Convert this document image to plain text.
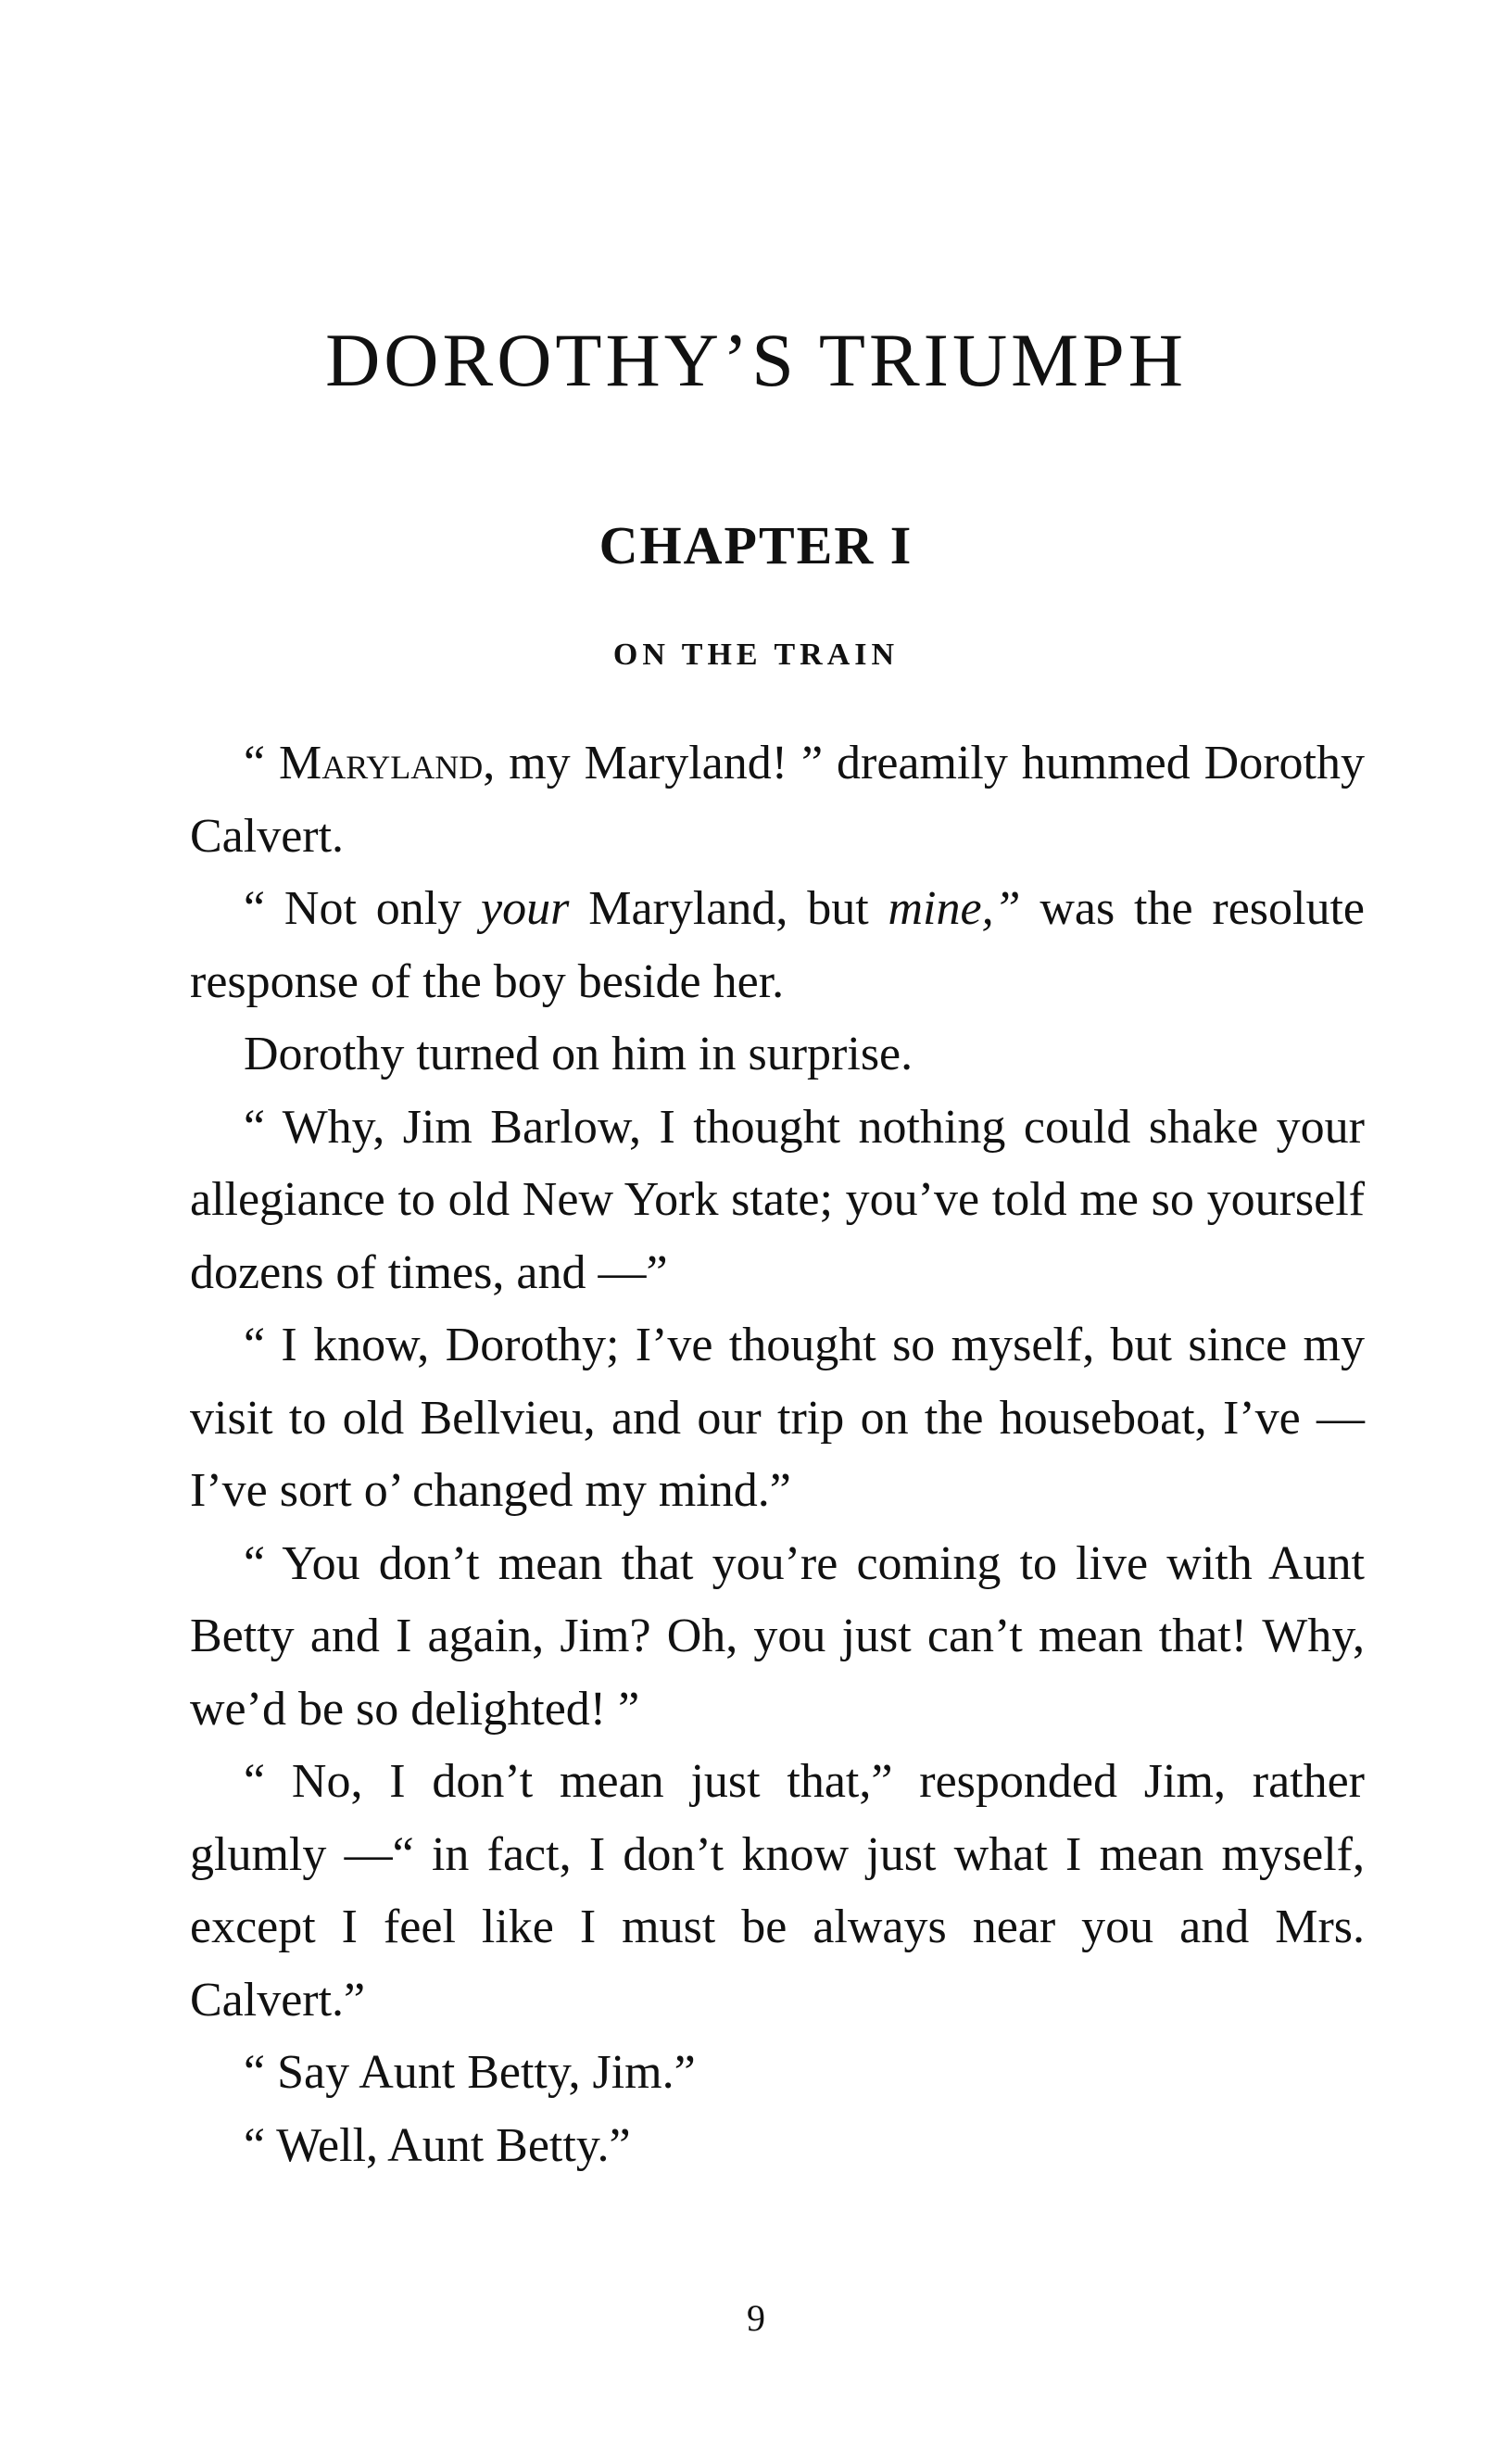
DOROTHY’S TRIUMPH
CHAPTER I
ON THE TRAIN

“ Maryland, my Maryland! ” dreamily hummed Dorothy Calvert.

“ Not only your Maryland, but mine,” was the resolute response of the boy beside her.

Dorothy turned on him in surprise.

“ Why, Jim Barlow, I thought nothing could shake your allegiance to old New York state; you’ve told me so yourself dozens of times, and —”

“ I know, Dorothy; I’ve thought so myself, but since my visit to old Bellvieu, and our trip on the houseboat, I’ve — I’ve sort o’ changed my mind.”

“ You don’t mean that you’re coming to live with Aunt Betty and I again, Jim? Oh, you just can’t mean that! Why, we’d be so delighted! ”

“ No, I don’t mean just that,” responded Jim, rather glumly —“ in fact, I don’t know just what I mean myself, except I feel like I must be always near you and Mrs. Calvert.”

“ Say Aunt Betty, Jim.”

“ Well, Aunt Betty.”

9
